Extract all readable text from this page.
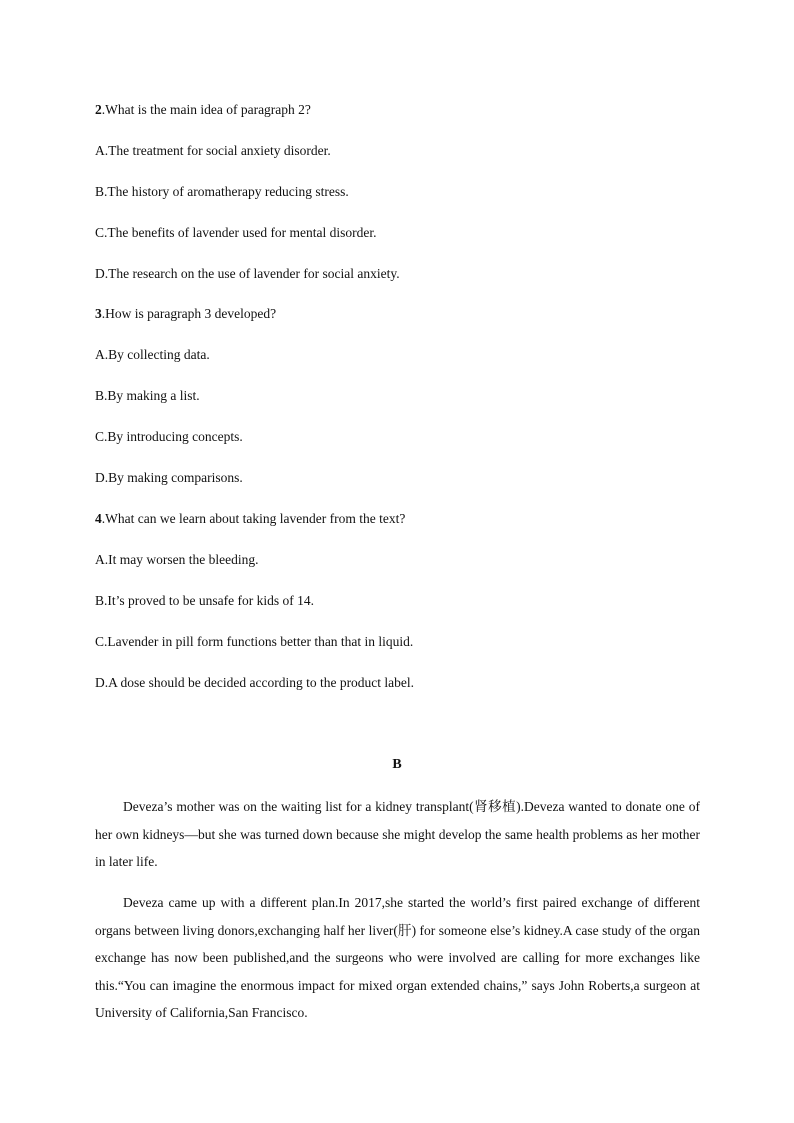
2.What is the main idea of paragraph 2?
A.The treatment for social anxiety disorder.
B.The history of aromatherapy reducing stress.
C.The benefits of lavender used for mental disorder.
D.The research on the use of lavender for social anxiety.
3.How is paragraph 3 developed?
A.By collecting data.
B.By making a list.
C.By introducing concepts.
D.By making comparisons.
4.What can we learn about taking lavender from the text?
A.It may worsen the bleeding.
B.It’s proved to be unsafe for kids of 14.
C.Lavender in pill form functions better than that in liquid.
D.A dose should be decided according to the product label.
B
Deveza’s mother was on the waiting list for a kidney transplant(肾移植).Deveza wanted to donate one of her own kidneys—but she was turned down because she might develop the same health problems as her mother in later life.
Deveza came up with a different plan.In 2017,she started the world’s first paired exchange of different organs between living donors,exchanging half her liver(肝) for someone else’s kidney.A case study of the organ exchange has now been published,and the surgeons who were involved are calling for more exchanges like this.“You can imagine the enormous impact for mixed organ extended chains,” says John Roberts,a surgeon at University of California,San Francisco.
